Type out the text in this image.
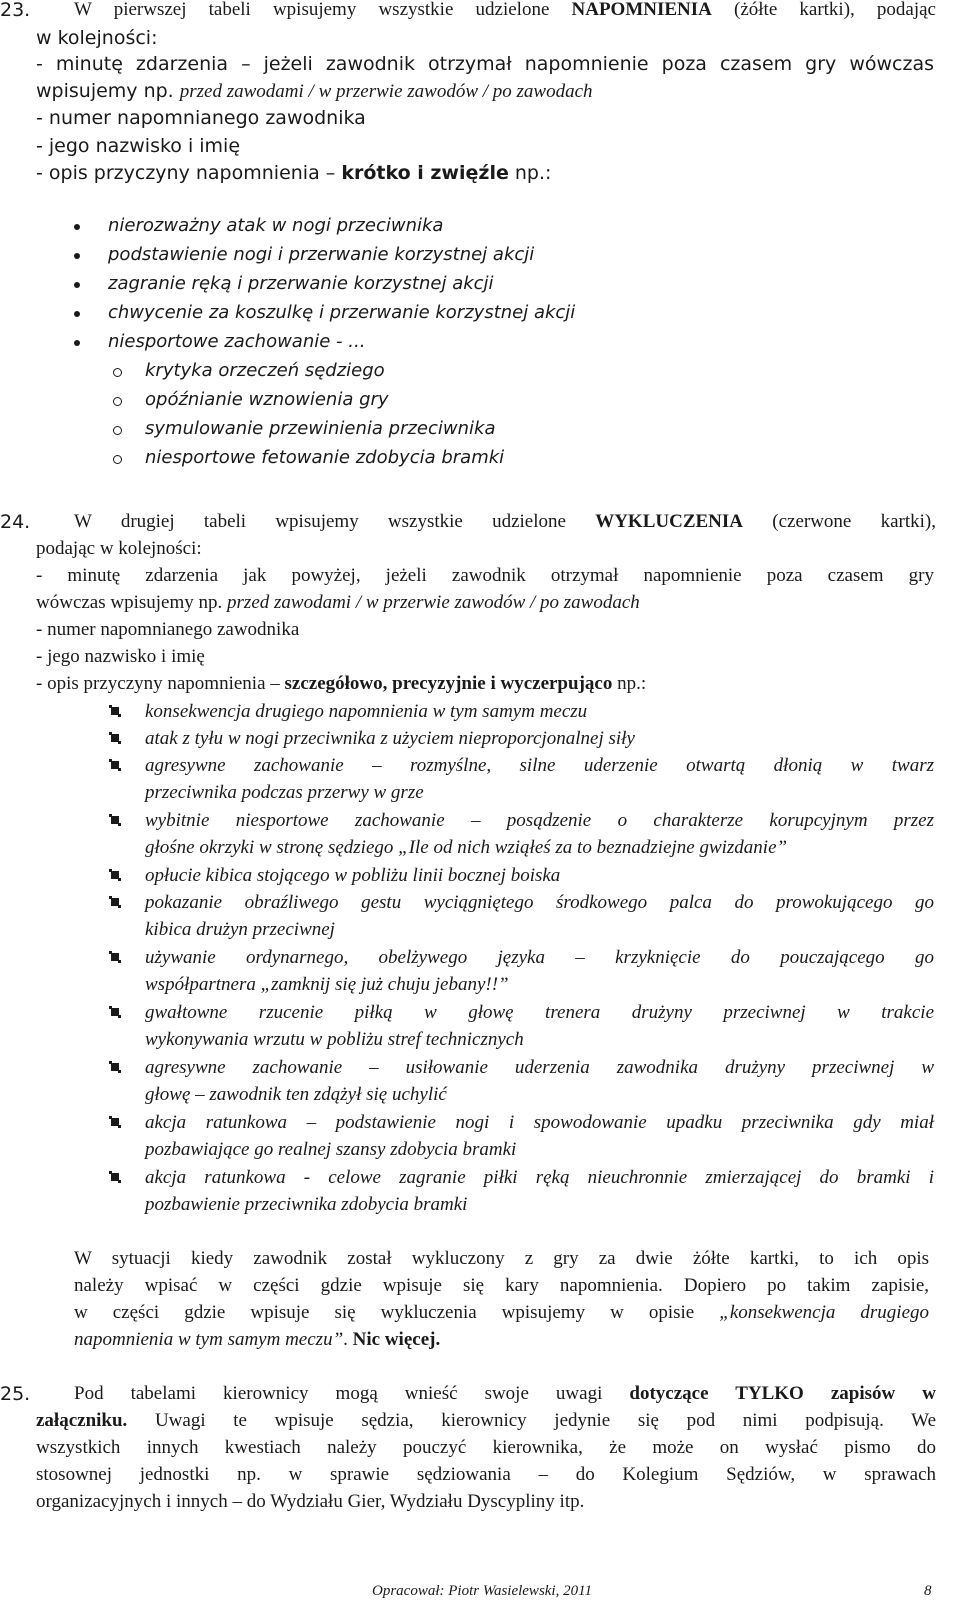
23. W pierwszej tabeli wpisujemy wszystkie udzielone NAPOMNIENIA (żółte kartki), podając
w kolejności:
- minutę zdarzenia – jeżeli zawodnik otrzymał napomnienie poza czasem gry wówczas
wpisujemy np. przed zawodami / w przerwie zawodów / po zawodach
- numer napomnianego zawodnika
- jego nazwisko i imię
- opis przyczyny napomnienia – krótko i zwięźle np.:
nierozważny atak w nogi przeciwnika
podstawienie nogi i przerwanie korzystnej akcji
zagranie ręką i przerwanie korzystnej akcji
chwycenie za koszulkę i przerwanie korzystnej akcji
niesportowe zachowanie - ...
krytyka orzeczeń sędziego
opóźnianie wznowienia gry
symulowanie przewinienia przeciwnika
niesportowe fetowanie zdobycia bramki
24. W drugiej tabeli wpisujemy wszystkie udzielone WYKLUCZENIA (czerwone kartki),
podając w kolejności:
- minutę zdarzenia jak powyżej, jeżeli zawodnik otrzymał napomnienie poza czasem gry
wówczas wpisujemy np. przed zawodami / w przerwie zawodów / po zawodach
- numer napomnianego zawodnika
- jego nazwisko i imię
- opis przyczyny napomnienia – szczegółowo, precyzyjnie i wyczerpująco np.:
konsekwencja drugiego napomnienia w tym samym meczu
atak z tyłu w nogi przeciwnika z użyciem nieproporcjonalnej siły
agresywne zachowanie – rozmyślne, silne uderzenie otwartą dłonią w twarz
przeciwnika podczas przerwy w grze
wybitnie niesportowe zachowanie – posądzenie o charakterze korupcyjnym przez
głośne okrzyki w stronę sędziego „Ile od nich wziąłeś za to beznadziejne gwizdanie”
opłucie kibica stojącego w pobliżu linii bocznej boiska
pokazanie obraźliwego gestu wyciągniętego środkowego palca do prowokującego go
kibica drużyn przeciwnej
używanie ordynarnego, obelżywego języka – krzyknięcie do pouczającego go
współpartnera „zamknij się już chuju jebany!!”
gwałtowne rzucenie piłką w głowę trenera drużyny przeciwnej w trakcie
wykonywania wrzutu w pobliżu stref technicznych
agresywne zachowanie – usiłowanie uderzenia zawodnika drużyny przeciwnej w
głowę – zawodnik ten zdążył się uchylić
akcja ratunkowa – podstawienie nogi i spowodowanie upadku przeciwnika gdy miał
pozbawiające go realnej szansy zdobycia bramki
akcja ratunkowa - celowe zagranie piłki ręką nieuchronnie zmierzającej do bramki i
pozbawienie przeciwnika zdobycia bramki
W sytuacji kiedy zawodnik został wykluczony z gry za dwie żółte kartki, to ich opis
należy wpisać w części gdzie wpisuje się kary napomnienia. Dopiero po takim zapisie,
w części gdzie wpisuje się wykluczenia wpisujemy w opisie „konsekwencja drugiego
napomnienia w tym samym meczu”. Nic więcej.
25. Pod tabelami kierownicy mogą wnieść swoje uwagi dotyczące TYLKO zapisów w
załączniku. Uwagi te wpisuje sędzia, kierownicy jedynie się pod nimi podpisują. We
wszystkich innych kwestiach należy pouczyć kierownika, że może on wysłać pismo do
stosownej jednostki np. w sprawie sędziowania – do Kolegium Sędziów, w sprawach
organizacyjnych i innych – do Wydziału Gier, Wydziału Dyscypliny itp.
Opracował: Piotr Wasielewski, 2011	8
